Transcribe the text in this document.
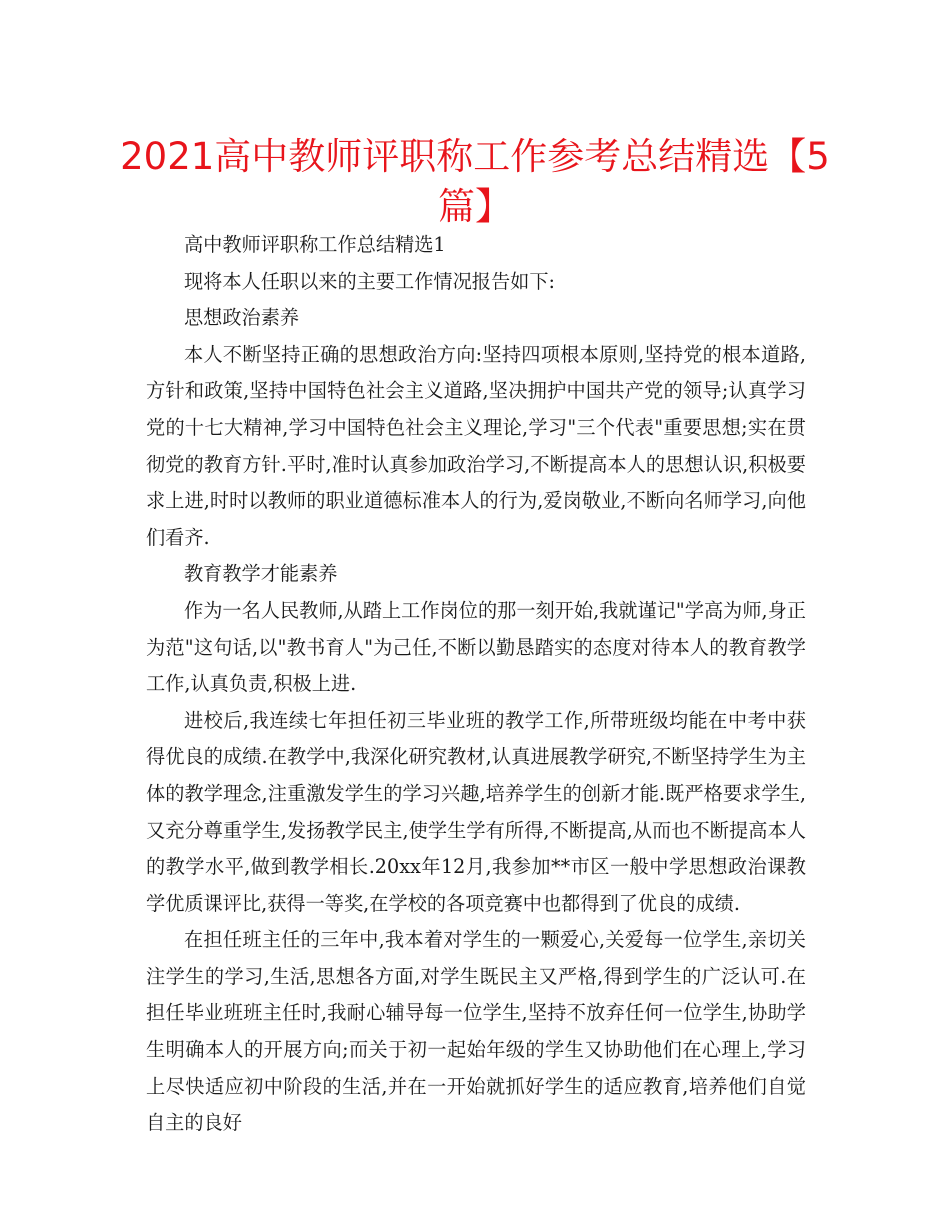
2021高中教师评职称工作参考总结精选【5篇】

高中教师评职称工作总结精选1

现将本人任职以来的主要工作情况报告如下:

思想政治素养

本人不断坚持正确的思想政治方向:坚持四项根本原则,坚持党的根本道路,方针和政策,坚持中国特色社会主义道路,坚决拥护中国共产党的领导;认真学习党的十七大精神,学习中国特色社会主义理论,学习"三个代表"重要思想;实在贯彻党的教育方针.平时,准时认真参加政治学习,不断提高本人的思想认识,积极要求上进,时时以教师的职业道德标准本人的行为,爱岗敬业,不断向名师学习,向他们看齐.

教育教学才能素养

作为一名人民教师,从踏上工作岗位的那一刻开始,我就谨记"学高为师,身正为范"这句话,以"教书育人"为己任,不断以勤恳踏实的态度对待本人的教育教学工作,认真负责,积极上进.

进校后,我连续七年担任初三毕业班的教学工作,所带班级均能在中考中获得优良的成绩.在教学中,我深化研究教材,认真进展教学研究,不断坚持学生为主体的教学理念,注重激发学生的学习兴趣,培养学生的创新才能.既严格要求学生,又充分尊重学生,发扬教学民主,使学生学有所得,不断提高,从而也不断提高本人的教学水平,做到教学相长.20xx年12月,我参加**市区一般中学思想政治课教学优质课评比,获得一等奖,在学校的各项竞赛中也都得到了优良的成绩.

在担任班主任的三年中,我本着对学生的一颗爱心,关爱每一位学生,亲切关注学生的学习,生活,思想各方面,对学生既民主又严格,得到学生的广泛认可.在担任毕业班班主任时,我耐心辅导每一位学生,坚持不放弃任何一位学生,协助学生明确本人的开展方向;而关于初一起始年级的学生又协助他们在心理上,学习上尽快适应初中阶段的生活,并在一开始就抓好学生的适应教育,培养他们自觉自主的良好
